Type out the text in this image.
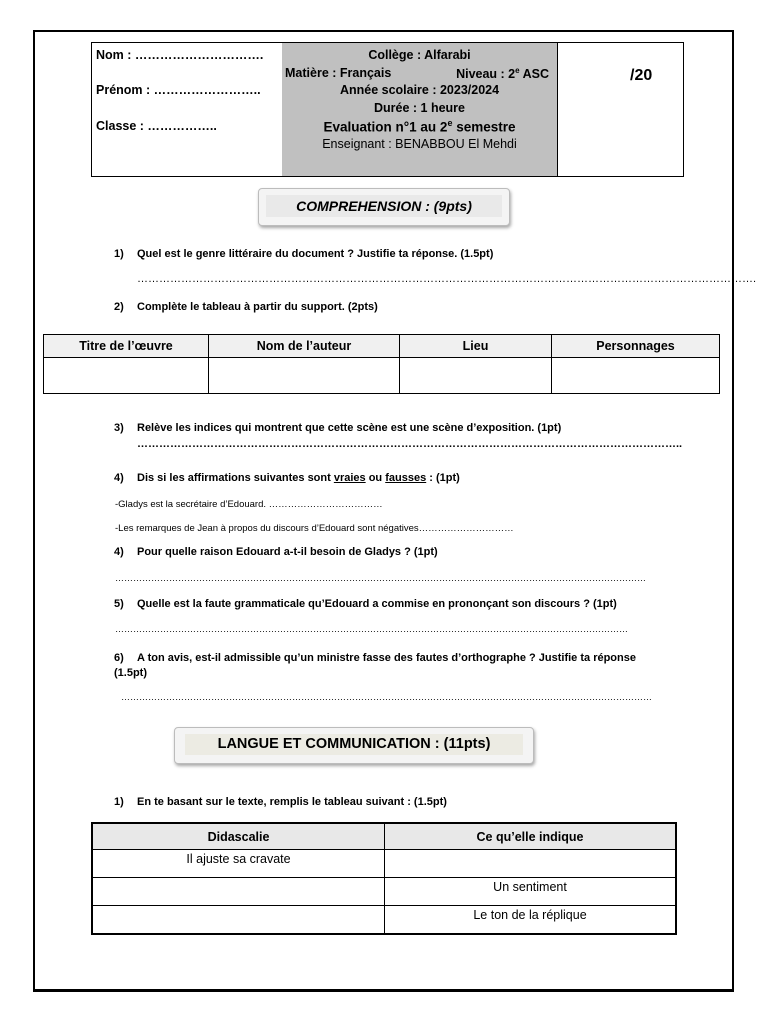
Nom : ………………………….
Prénom : ……………………..
Classe : ……………..
Collège : Alfarabi
Matière : Français	Niveau : 2e ASC
Année scolaire : 2023/2024
Durée : 1 heure
Evaluation n°1 au 2e semestre
Enseignant : BENABBOU El Mehdi
/20
COMPREHENSION : (9pts)
1) Quel est le genre littéraire du document ? Justifie ta réponse. (1.5pt)
…………………………………………………………………………………………………………………………………………………….
2) Complète le tableau à partir du support. (2pts)
Titre de l’œuvre	Nom de l’auteur	Lieu	Personnages

3) Relève les indices qui montrent que cette scène est une scène d’exposition. (1pt)
…………………………………………………………………………………………………………………………………..
4) Dis si les affirmations suivantes sont vraies ou fausses : (1pt)
-Gladys est la secrétaire d’Edouard. ………………………………
-Les remarques de Jean à propos du discours d’Edouard sont négatives…………………………
4) Pour quelle raison Edouard a-t-il besoin de Gladys ? (1pt)
……………………………………………………………………………………………………………………………………………………………
5) Quelle est la faute grammaticale qu’Edouard a commise en prononçant son discours ? (1pt)
………………………………………………………………………………………………………………………………………………………
6) A ton avis, est-il admissible qu’un ministre fasse des fautes d’orthographe ? Justifie ta réponse (1.5pt)
……………………………………………………………………………………………………………………………………………………………
LANGUE ET COMMUNICATION : (11pts)
1) En te basant sur le texte, remplis le tableau suivant : (1.5pt)
Didascalie	Ce qu’elle indique
Il ajuste sa cravate	
	Un sentiment
	Le ton de la réplique
